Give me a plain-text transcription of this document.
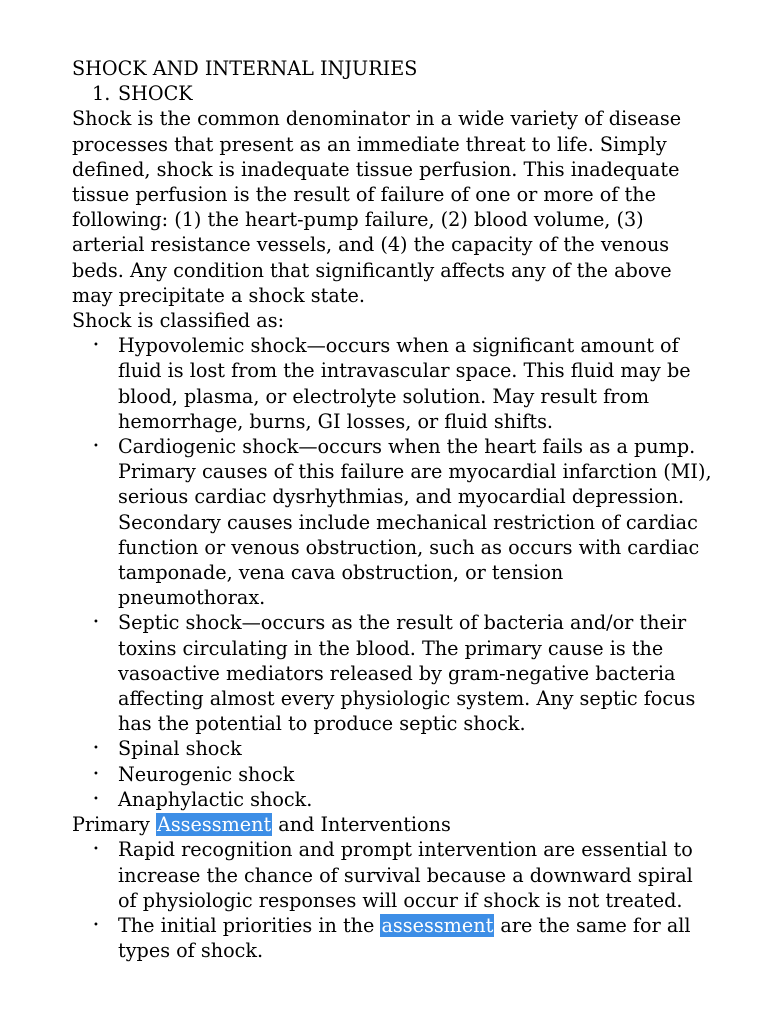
SHOCK AND INTERNAL INJURIES
1. SHOCK

Shock is the common denominator in a wide variety of disease processes that present as an immediate threat to life. Simply defined, shock is inadequate tissue perfusion. This inadequate tissue perfusion is the result of failure of one or more of the following: (1) the heart-pump failure, (2) blood volume, (3) arterial resistance vessels, and (4) the capacity of the venous beds. Any condition that significantly affects any of the above may precipitate a shock state.

Shock is classified as:

• Hypovolemic shock—occurs when a significant amount of fluid is lost from the intravascular space. This fluid may be blood, plasma, or electrolyte solution. May result from hemorrhage, burns, GI losses, or fluid shifts.
• Cardiogenic shock—occurs when the heart fails as a pump. Primary causes of this failure are myocardial infarction (MI), serious cardiac dysrhythmias, and myocardial depression. Secondary causes include mechanical restriction of cardiac function or venous obstruction, such as occurs with cardiac tamponade, vena cava obstruction, or tension pneumothorax.
• Septic shock—occurs as the result of bacteria and/or their toxins circulating in the blood. The primary cause is the vasoactive mediators released by gram-negative bacteria affecting almost every physiologic system. Any septic focus has the potential to produce septic shock.
• Spinal shock
• Neurogenic shock
• Anaphylactic shock.

Primary Assessment and Interventions

• Rapid recognition and prompt intervention are essential to increase the chance of survival because a downward spiral of physiologic responses will occur if shock is not treated.
• The initial priorities in the assessment are the same for all types of shock.
